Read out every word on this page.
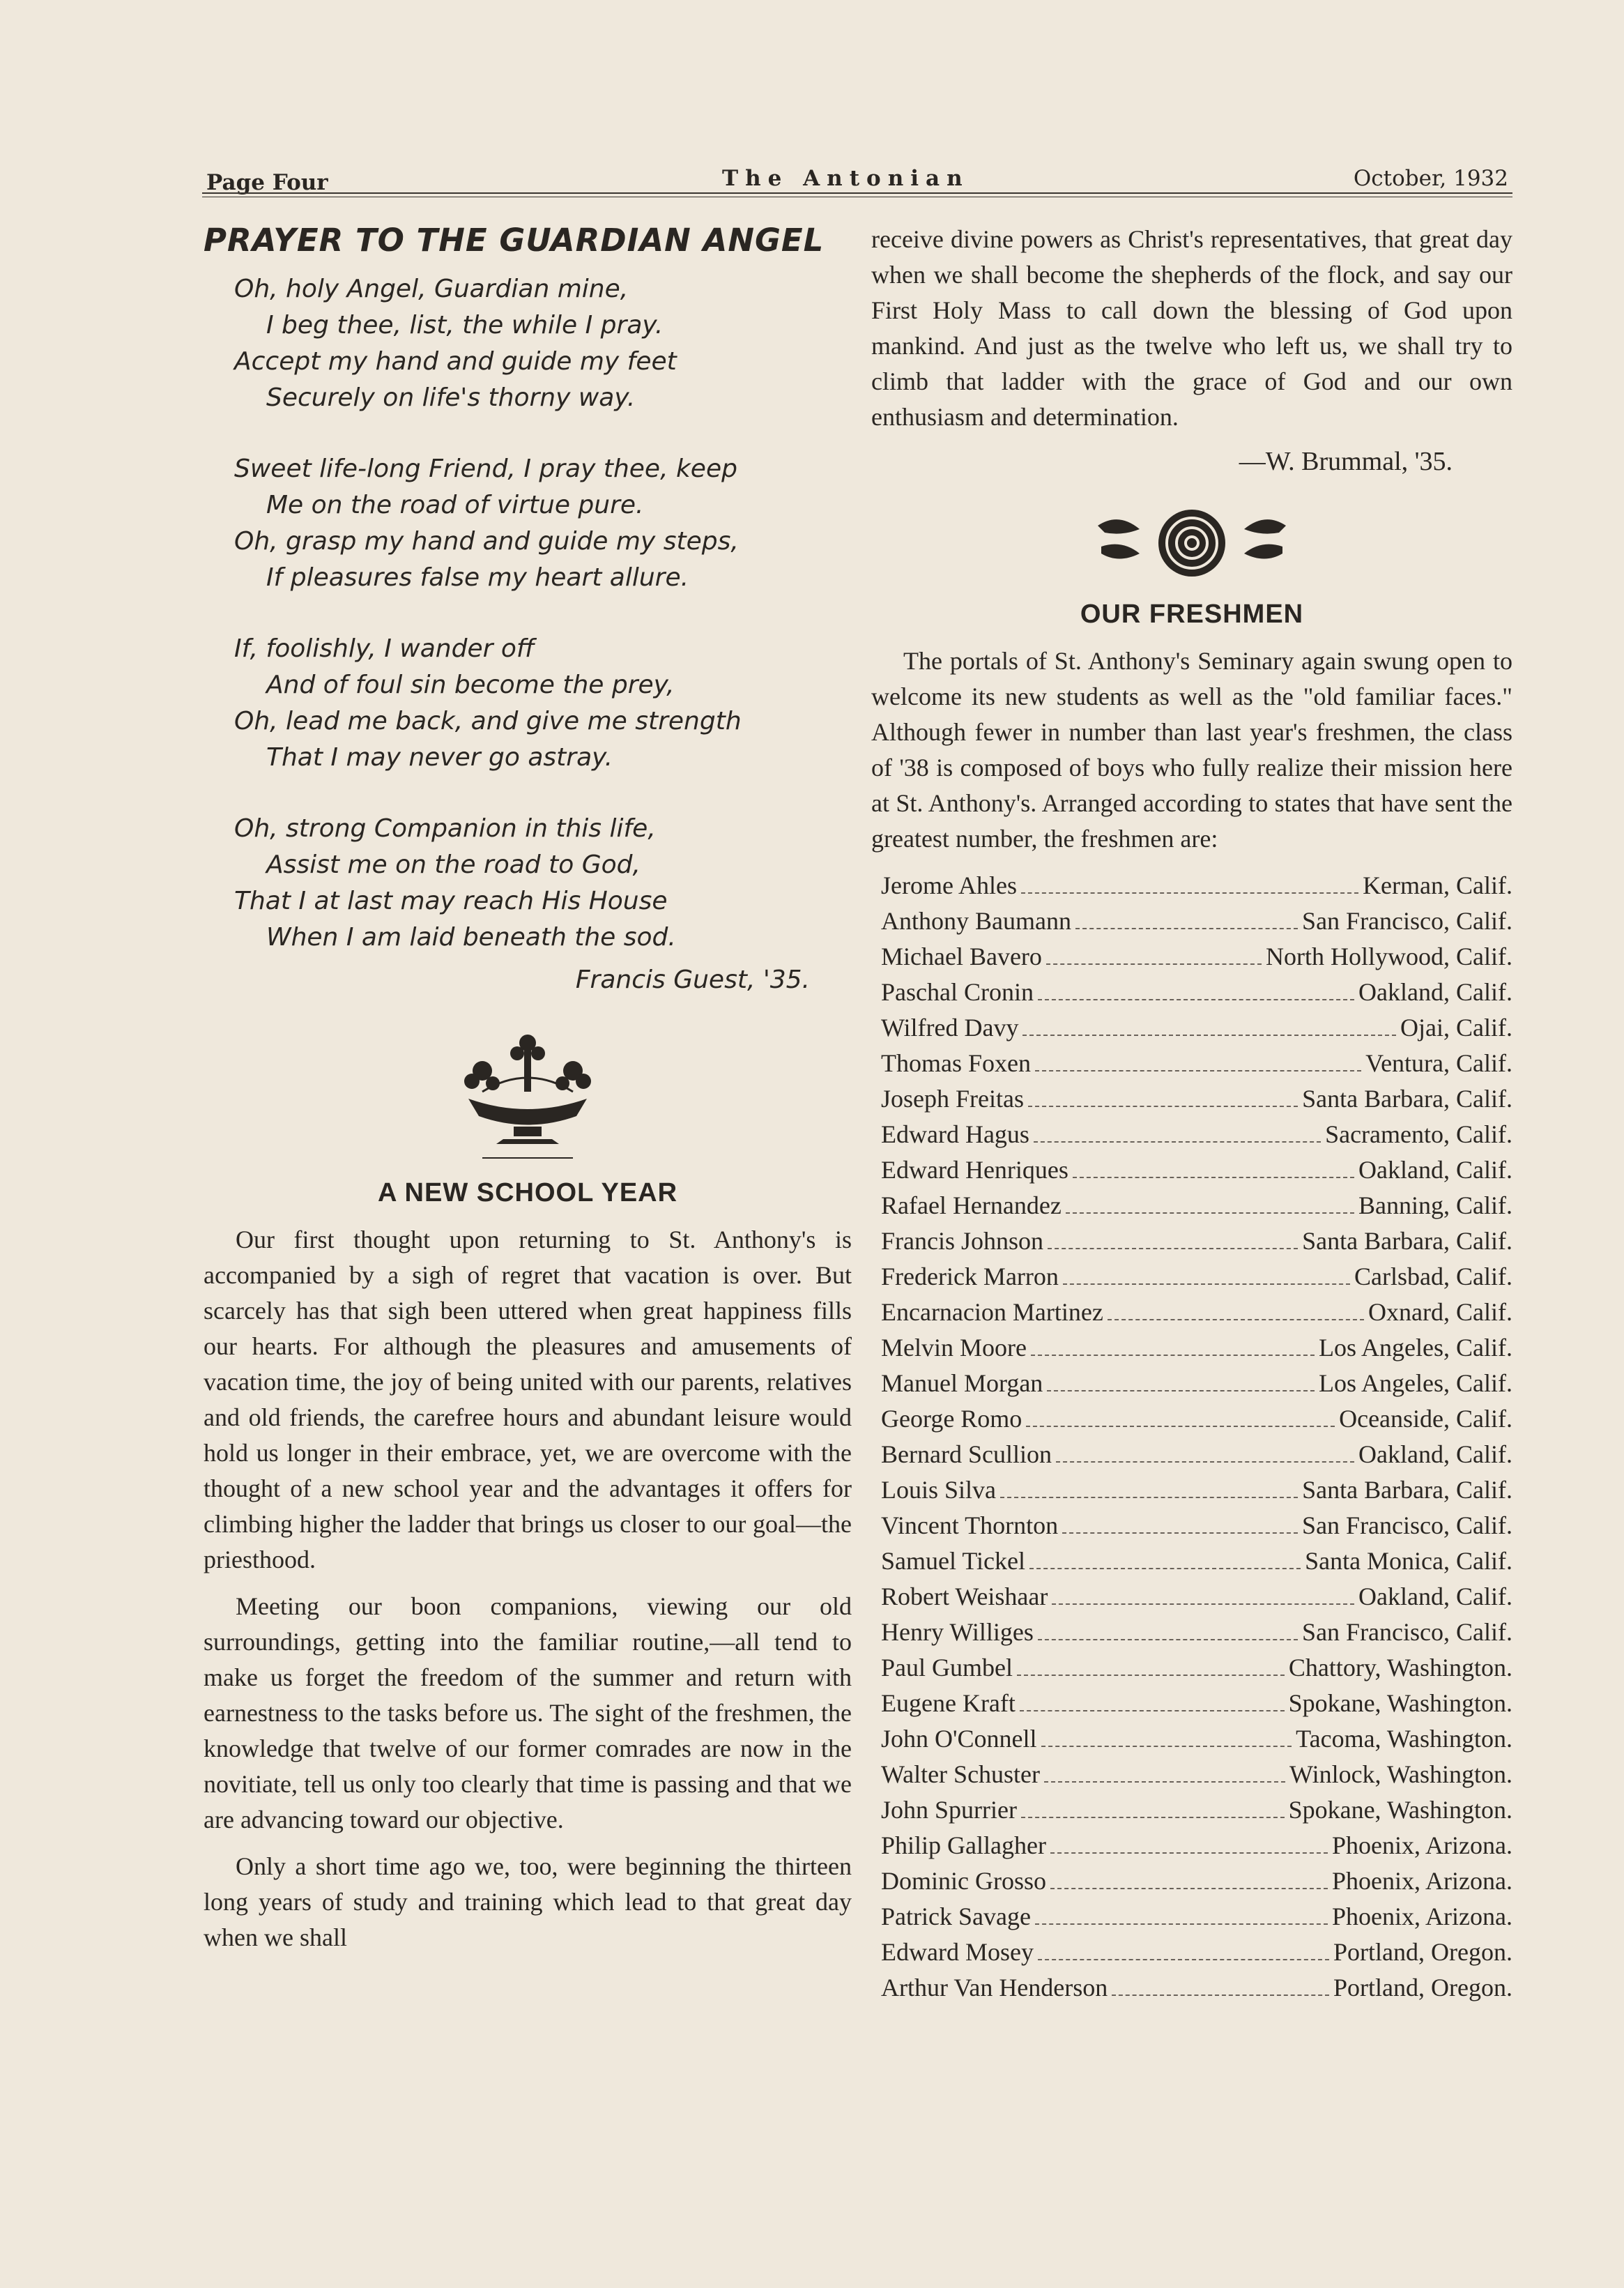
Page Four	The Antonian	October, 1932
PRAYER TO THE GUARDIAN ANGEL
Oh, holy Angel, Guardian mine,
I beg thee, list, the while I pray.
Accept my hand and guide my feet
Securely on life's thorny way.
Sweet life-long Friend, I pray thee, keep
Me on the road of virtue pure.
Oh, grasp my hand and guide my steps,
If pleasures false my heart allure.
If, foolishly, I wander off
And of foul sin become the prey,
Oh, lead me back, and give me strength
That I may never go astray.
Oh, strong Companion in this life,
Assist me on the road to God,
That I at last may reach His House
When I am laid beneath the sod.
Francis Guest, '35.
A NEW SCHOOL YEAR

Our first thought upon returning to St. Anthony's is accompanied by a sigh of regret that vacation is over. But scarcely has that sigh been uttered when great happiness fills our hearts. For although the pleasures and amusements of vacation time, the joy of being united with our parents, relatives and old friends, the carefree hours and abundant leisure would hold us longer in their embrace, yet, we are overcome with the thought of a new school year and the advantages it offers for climbing higher the ladder that brings us closer to our goal—the priesthood.

Meeting our boon companions, viewing our old surroundings, getting into the familiar routine,—all tend to make us forget the freedom of the summer and return with earnestness to the tasks before us. The sight of the freshmen, the knowledge that twelve of our former comrades are now in the novitiate, tell us only too clearly that time is passing and that we are advancing toward our objective.

Only a short time ago we, too, were beginning the thirteen long years of study and training which lead to that great day when we shall

receive divine powers as Christ's representatives, that great day when we shall become the shepherds of the flock, and say our First Holy Mass to call down the blessing of God upon mankind. And just as the twelve who left us, we shall try to climb that ladder with the grace of God and our own enthusiasm and determination.

—W. Brummal, '35.
OUR FRESHMEN

The portals of St. Anthony's Seminary again swung open to welcome its new students as well as the "old familiar faces." Although fewer in number than last year's freshmen, the class of '38 is composed of boys who fully realize their mission here at St. Anthony's. Arranged according to states that have sent the greatest number, the freshmen are:

Jerome Ahles	Kerman, Calif.
Anthony Baumann	San Francisco, Calif.
Michael Bavero	North Hollywood, Calif.
Paschal Cronin	Oakland, Calif.
Wilfred Davy	Ojai, Calif.
Thomas Foxen	Ventura, Calif.
Joseph Freitas	Santa Barbara, Calif.
Edward Hagus	Sacramento, Calif.
Edward Henriques	Oakland, Calif.
Rafael Hernandez	Banning, Calif.
Francis Johnson	Santa Barbara, Calif.
Frederick Marron	Carlsbad, Calif.
Encarnacion Martinez	Oxnard, Calif.
Melvin Moore	Los Angeles, Calif.
Manuel Morgan	Los Angeles, Calif.
George Romo	Oceanside, Calif.
Bernard Scullion	Oakland, Calif.
Louis Silva	Santa Barbara, Calif.
Vincent Thornton	San Francisco, Calif.
Samuel Tickel	Santa Monica, Calif.
Robert Weishaar	Oakland, Calif.
Henry Williges	San Francisco, Calif.
Paul Gumbel	Chattory, Washington.
Eugene Kraft	Spokane, Washington.
John O'Connell	Tacoma, Washington.
Walter Schuster	Winlock, Washington.
John Spurrier	Spokane, Washington.
Philip Gallagher	Phoenix, Arizona.
Dominic Grosso	Phoenix, Arizona.
Patrick Savage	Phoenix, Arizona.
Edward Mosey	Portland, Oregon.
Arthur Van Henderson	Portland, Oregon.
